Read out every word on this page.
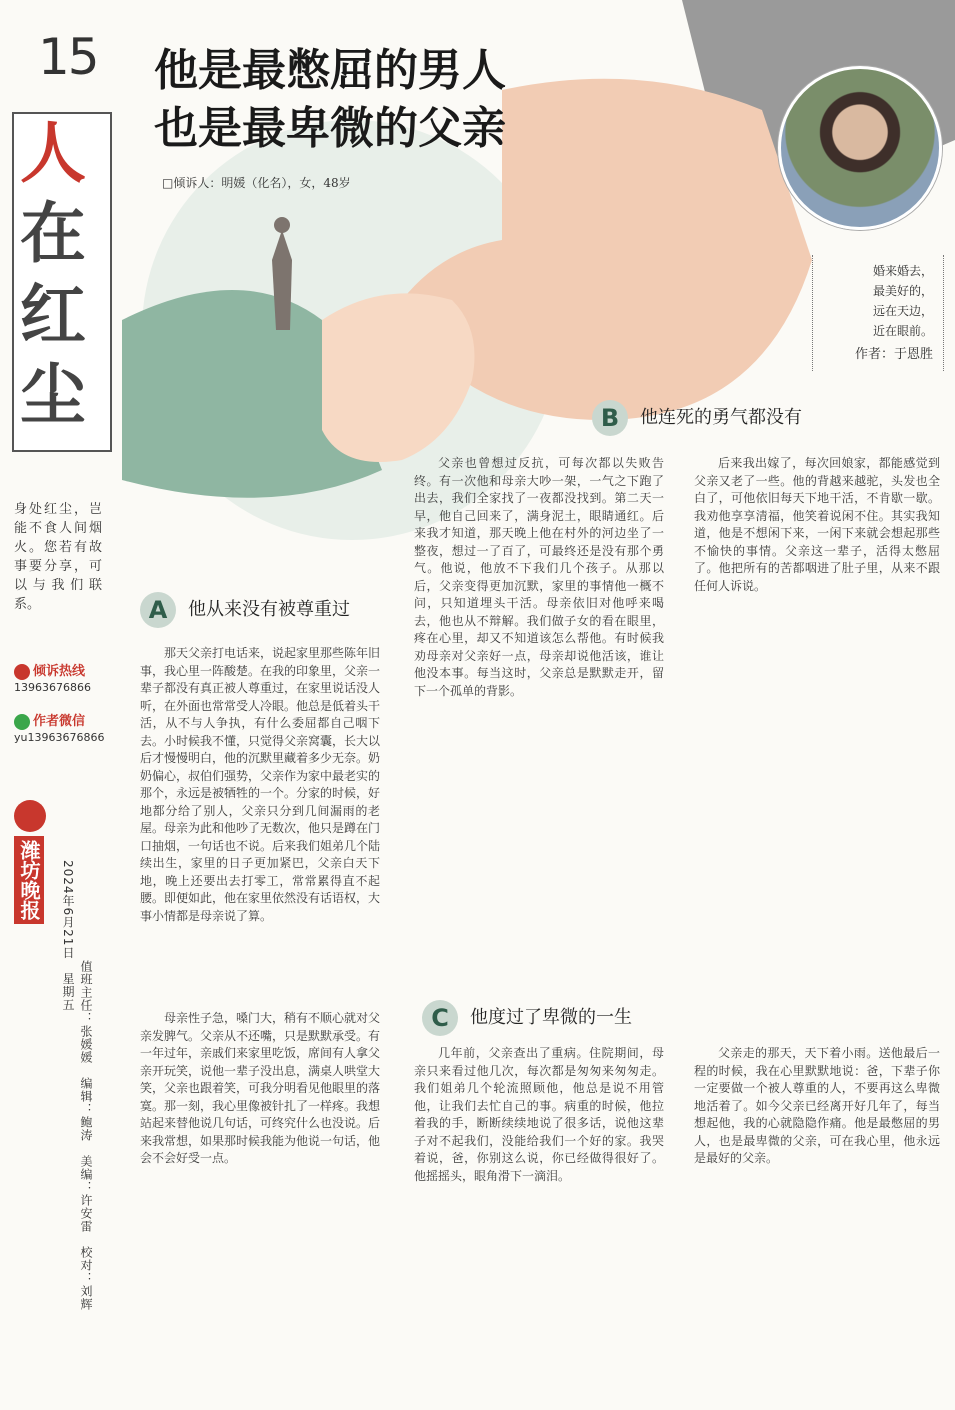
15
人
在
红
尘
身处红尘，岂能不食人间烟火。您若有故事要分享，可以与我们联系。
倾诉热线
13963676866
作者微信
yu13963676866
潍坊晚报 2024年6月21日　星期五
值班主任：张媛媛　编辑：鲍涛　美编：许安雷　校对：刘辉
他是最憋屈的男人
也是最卑微的父亲
□倾诉人：明媛（化名），女，48岁
婚来婚去，
最美好的，
远在天边，
近在眼前。
作者：于恩胜
A 他从来没有被尊重过
B 他连死的勇气都没有
C 他度过了卑微的一生

那天父亲打电话来，说起家里那些陈年旧事，我心里一阵酸楚。在我的印象里，父亲一辈子都没有真正被人尊重过，在家里说话没人听，在外面也常常受人冷眼。他总是低着头干活，从不与人争执，有什么委屈都自己咽下去。小时候我不懂，只觉得父亲窝囊，长大以后才慢慢明白，他的沉默里藏着多少无奈。奶奶偏心，叔伯们强势，父亲作为家中最老实的那个，永远是被牺牲的一个。分家的时候，好地都分给了别人，父亲只分到几间漏雨的老屋。母亲为此和他吵了无数次，他只是蹲在门口抽烟，一句话也不说。后来我们姐弟几个陆续出生，家里的日子更加紧巴，父亲白天下地，晚上还要出去打零工，常常累得直不起腰。即便如此，他在家里依然没有话语权，大事小情都是母亲说了算。

母亲性子急，嗓门大，稍有不顺心就对父亲发脾气。父亲从不还嘴，只是默默承受。有一年过年，亲戚们来家里吃饭，席间有人拿父亲开玩笑，说他一辈子没出息，满桌人哄堂大笑，父亲也跟着笑，可我分明看见他眼里的落寞。那一刻，我心里像被针扎了一样疼。我想站起来替他说几句话，可终究什么也没说。后来我常想，如果那时候我能为他说一句话，他会不会好受一点。

父亲也曾想过反抗，可每次都以失败告终。有一次他和母亲大吵一架，一气之下跑了出去，我们全家找了一夜都没找到。第二天一早，他自己回来了，满身泥土，眼睛通红。后来我才知道，那天晚上他在村外的河边坐了一整夜，想过一了百了，可最终还是没有那个勇气。他说，他放不下我们几个孩子。从那以后，父亲变得更加沉默，家里的事情他一概不问，只知道埋头干活。母亲依旧对他呼来喝去，他也从不辩解。我们做子女的看在眼里，疼在心里，却又不知道该怎么帮他。有时候我劝母亲对父亲好一点，母亲却说他活该，谁让他没本事。每当这时，父亲总是默默走开，留下一个孤单的背影。

后来我出嫁了，每次回娘家，都能感觉到父亲又老了一些。他的背越来越驼，头发也全白了，可他依旧每天下地干活，不肯歇一歇。我劝他享享清福，他笑着说闲不住。其实我知道，他是不想闲下来，一闲下来就会想起那些不愉快的事情。父亲这一辈子，活得太憋屈了。他把所有的苦都咽进了肚子里，从来不跟任何人诉说。

几年前，父亲查出了重病。住院期间，母亲只来看过他几次，每次都是匆匆来匆匆走。我们姐弟几个轮流照顾他，他总是说不用管他，让我们去忙自己的事。病重的时候，他拉着我的手，断断续续地说了很多话，说他这辈子对不起我们，没能给我们一个好的家。我哭着说，爸，你别这么说，你已经做得很好了。他摇摇头，眼角滑下一滴泪。

父亲走的那天，天下着小雨。送他最后一程的时候，我在心里默默地说：爸，下辈子你一定要做一个被人尊重的人，不要再这么卑微地活着了。如今父亲已经离开好几年了，每当想起他，我的心就隐隐作痛。他是最憋屈的男人，也是最卑微的父亲，可在我心里，他永远是最好的父亲。
